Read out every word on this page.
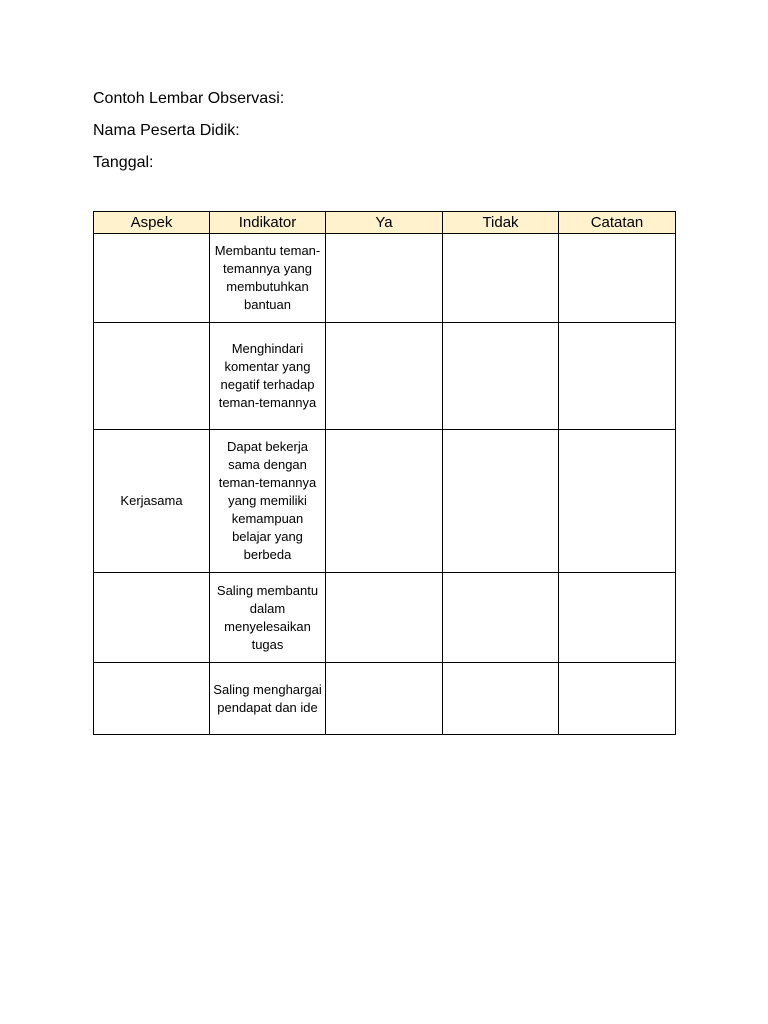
Contoh Lembar Observasi:
Nama Peserta Didik:
Tanggal:
Aspek	Indikator	Ya	Tidak	Catatan
	Membantu teman-temannya yang membutuhkan bantuan			
	Menghindari komentar yang negatif terhadap teman-temannya			
Kerjasama	Dapat bekerja sama dengan teman-temannya yang memiliki kemampuan belajar yang berbeda			
	Saling membantu dalam menyelesaikan tugas			
	Saling menghargai pendapat dan ide			
